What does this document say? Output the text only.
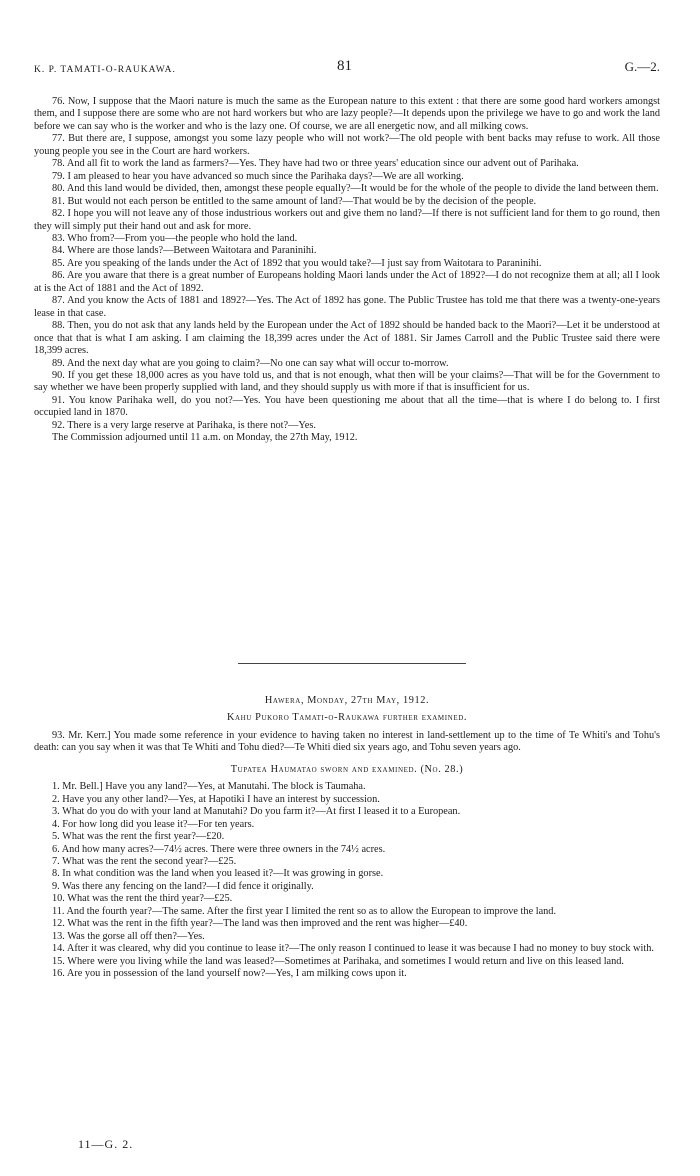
K. P. TAMATI-O-RAUKAWA.	81	G.—2.

76. Now, I suppose that the Maori nature is much the same as the European nature to this extent : that there are some good hard workers amongst them, and I suppose there are some who are not hard workers but who are lazy people?—It depends upon the privilege we have to go and work the land before we can say who is the worker and who is the lazy one. Of course, we are all energetic now, and all milking cows.

77. But there are, I suppose, amongst you some lazy people who will not work?—The old people with bent backs may refuse to work. All those young people you see in the Court are hard workers.

78. And all fit to work the land as farmers?—Yes. They have had two or three years' education since our advent out of Parihaka.

79. I am pleased to hear you have advanced so much since the Parihaka days?—We are all working.

80. And this land would be divided, then, amongst these people equally?—It would be for the whole of the people to divide the land between them.

81. But would not each person be entitled to the same amount of land?—That would be by the decision of the people.

82. I hope you will not leave any of those industrious workers out and give them no land?—If there is not sufficient land for them to go round, then they will simply put their hand out and ask for more.

83. Who from?—From you—the people who hold the land.

84. Where are those lands?—Between Waitotara and Paraninihi.

85. Are you speaking of the lands under the Act of 1892 that you would take?—I just say from Waitotara to Paraninihi.

86. Are you aware that there is a great number of Europeans holding Maori lands under the Act of 1892?—I do not recognize them at all; all I look at is the Act of 1881 and the Act of 1892.

87. And you know the Acts of 1881 and 1892?—Yes. The Act of 1892 has gone. The Public Trustee has told me that there was a twenty-one-years lease in that case.

88. Then, you do not ask that any lands held by the European under the Act of 1892 should be handed back to the Maori?—Let it be understood at once that that is what I am asking. I am claiming the 18,399 acres under the Act of 1881. Sir James Carroll and the Public Trustee said there were 18,399 acres.

89. And the next day what are you going to claim?—No one can say what will occur to-morrow.

90. If you get these 18,000 acres as you have told us, and that is not enough, what then will be your claims?—That will be for the Government to say whether we have been properly supplied with land, and they should supply us with more if that is insufficient for us.

91. You know Parihaka well, do you not?—Yes. You have been questioning me about that all the time—that is where I do belong to. I first occupied land in 1870.

92. There is a very large reserve at Parihaka, is there not?—Yes.

The Commission adjourned until 11 a.m. on Monday, the 27th May, 1912.

Hawera, Monday, 27th May, 1912.

Kahu Pukoro Tamati-o-Raukawa further examined.

93. Mr. Kerr.] You made some reference in your evidence to having taken no interest in land-settlement up to the time of Te Whiti's and Tohu's death: can you say when it was that Te Whiti and Tohu died?—Te Whiti died six years ago, and Tohu seven years ago.

Tupatea Haumatao sworn and examined. (No. 28.)

1. Mr. Bell.] Have you any land?—Yes, at Manutahi. The block is Taumaha.

2. Have you any other land?—Yes, at Hapotiki I have an interest by succession.

3. What do you do with your land at Manutahi? Do you farm it?—At first I leased it to a European.

4. For how long did you lease it?—For ten years.

5. What was the rent the first year?—£20.

6. And how many acres?—74½ acres. There were three owners in the 74½ acres.

7. What was the rent the second year?—£25.

8. In what condition was the land when you leased it?—It was growing in gorse.

9. Was there any fencing on the land?—I did fence it originally.

10. What was the rent the third year?—£25.

11. And the fourth year?—The same. After the first year I limited the rent so as to allow the European to improve the land.

12. What was the rent in the fifth year?—The land was then improved and the rent was higher—£40.

13. Was the gorse all off then?—Yes.

14. After it was cleared, why did you continue to lease it?—The only reason I continued to lease it was because I had no money to buy stock with.

15. Where were you living while the land was leased?—Sometimes at Parihaka, and sometimes I would return and live on this leased land.

16. Are you in possession of the land yourself now?—Yes, I am milking cows upon it.

11—G. 2.
